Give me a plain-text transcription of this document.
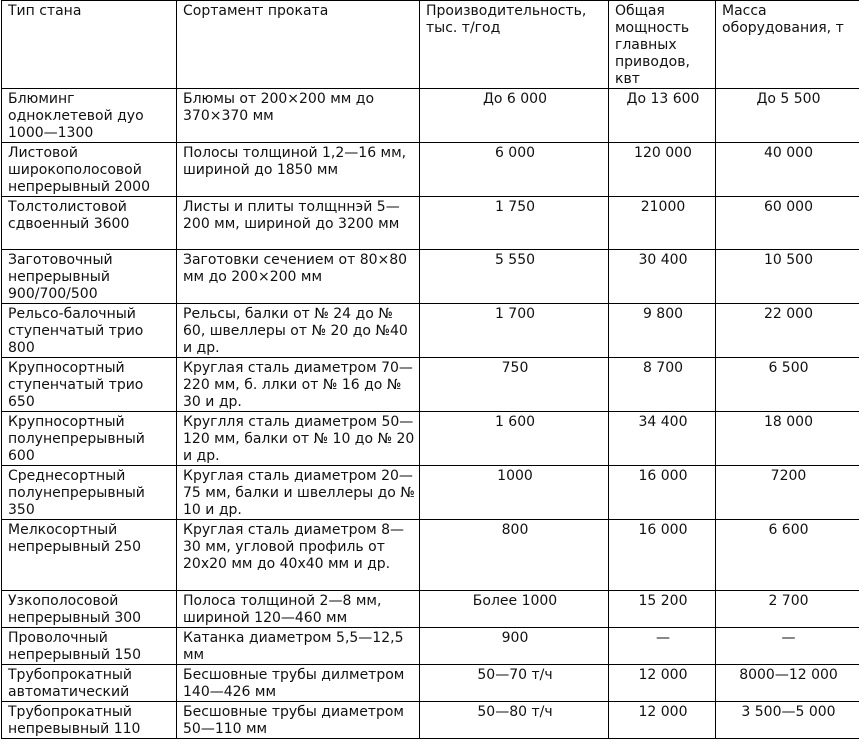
Тип стана	Сортамент проката	Производительность, тыс. т/год	Общая мощность главных приводов, квт	Масса оборудования, т
Блюминг одноклетевой дуо 1000—1300	Блюмы от 200×200 мм до 370×370 мм	До 6 000	До 13 600	До 5 500
Листовой широкополосовой непрерывный 2000	Полосы толщиной 1,2—16 мм, шириной до 1850 мм	6 000	120 000	40 000
Толстолистовой сдвоенный 3600	Листы и плиты толщннэй 5—200 мм, шириной до 3200 мм	1 750	21000	60 000
Заготовочный непрерывный 900/700/500	Заготовки сечением от 80×80 мм до 200×200 мм	5 550	30 400	10 500
Рельсо-балочный ступенчатый трио 800	Рельсы, балки от № 24 до № 60, швеллеры от № 20 до №40 и др.	1 700	9 800	22 000
Крупносортный ступенчатый трио 650	Круглая сталь диаметром 70—220 мм, б. ллки от № 16 до № 30 и др.	750	8 700	6 500
Крупносортный полунепрерывный 600	Круглля сталь диаметром 50—120 мм, балки от № 10 до № 20 и др.	1 600	34 400	18 000
Среднесортный полунепрерывный 350	Круглая сталь диаметром 20—75 мм, балки и швеллеры до № 10 и др.	1000	16 000	7200
Мелкосортный непрерывный 250	Круглая сталь диаметром 8—30 мм, угловой профиль от 20x20 мм до 40x40 мм и др.	800	16 000	6 600
Узкополосовой непрерывный 300	Полоса толщиной 2—8 мм, шириной 120—460 мм	Более 1000	15 200	2 700
Проволочный непрерывный 150	Катанка диаметром 5,5—12,5 мм	900	—	—
Трубопрокатный автоматический	Бесшовные трубы дилметром 140—426 мм	50—70 т/ч	12 000	8000—12 000
Трубопрокатный непревывный 110	Бесшовные трубы диаметром 50—110 мм	50—80 т/ч	12 000	3 500—5 000
